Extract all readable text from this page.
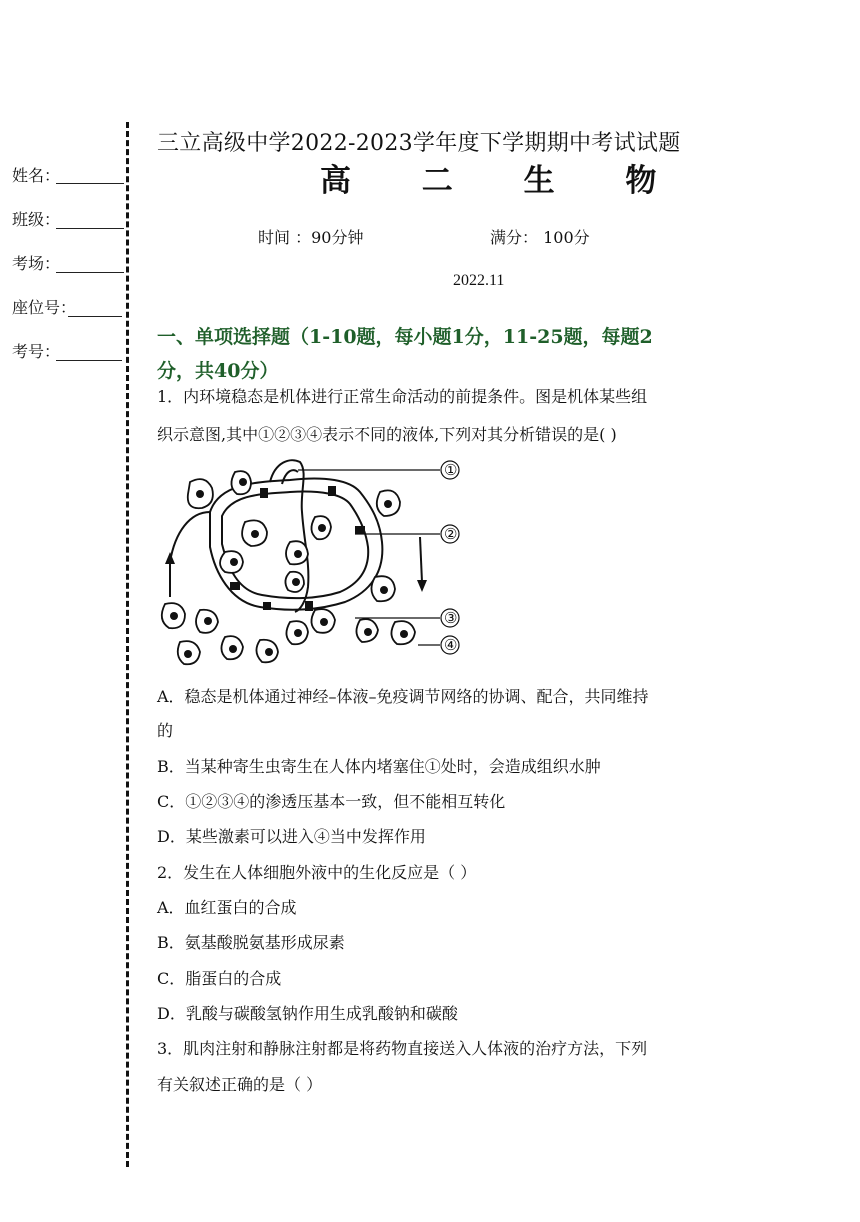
姓名：
班级：
考场：
座位号：
考号：
三立高级中学2022-2023学年度下学期期中考试试题
高 二 生 物
时间 ：90分钟	满分： 100分
2022.11
一、单项选择题（1-10题，每小题1分，11-25题，每题2
分，共40分）
1．内环境稳态是机体进行正常生命活动的前提条件。图是机体某些组
织示意图,其中①②③④表示不同的液体,下列对其分析错误的是( )
①
②
③
④
A．稳态是机体通过神经–体液–免疫调节网络的协调、配合，共同维持
的
B．当某种寄生虫寄生在人体内堵塞住①处时，会造成组织水肿
C．①②③④的渗透压基本一致，但不能相互转化
D．某些激素可以进入④当中发挥作用
2．发生在人体细胞外液中的生化反应是（ ）
A．血红蛋白的合成
B．氨基酸脱氨基形成尿素
C．脂蛋白的合成
D．乳酸与碳酸氢钠作用生成乳酸钠和碳酸
3．肌肉注射和静脉注射都是将药物直接送入人体液的治疗方法，下列
有关叙述正确的是（ ）
